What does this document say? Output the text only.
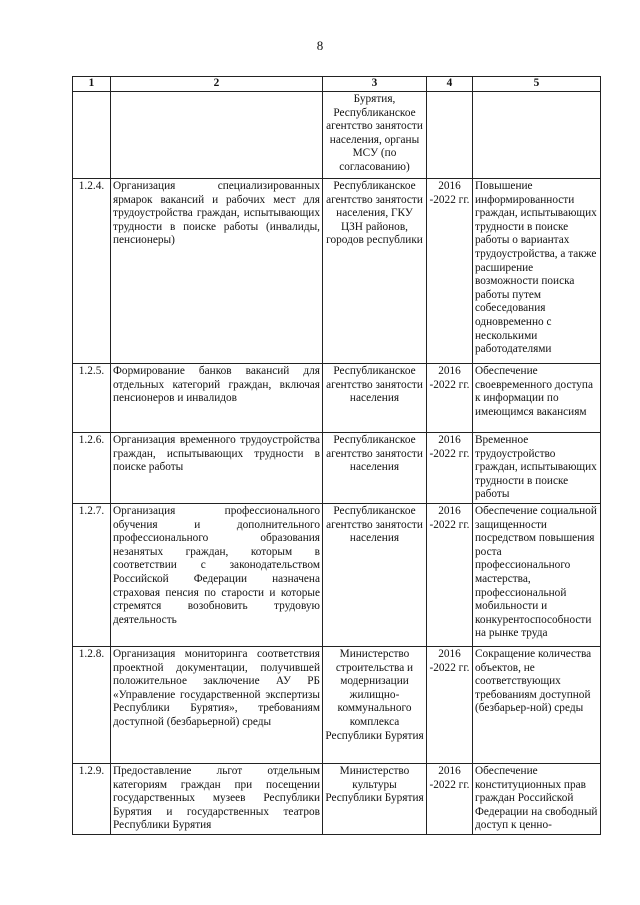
8
1	2	3	4	5
		Бурятия, Республиканское агентство занятости населения, органы МСУ (по согласованию)		
1.2.4.	Организация специализированных ярмарок вакансий и рабочих мест для трудоустройства граждан, испытывающих трудности в поиске работы (инвалиды, пенсионеры)	Республиканское агентство занятости населения, ГКУ ЦЗН районов, городов республики	2016 -2022 гг.	Повышение информированности граждан, испытывающих трудности в поиске работы о вариантах трудоустройства, а также расширение возможности поиска работы путем собеседования одновременно с несколькими работодателями
1.2.5.	Формирование банков вакансий для отдельных категорий граждан, включая пенсионеров и инвалидов	Республиканское агентство занятости населения	2016 -2022 гг.	Обеспечение своевременного доступа к информации по имеющимся вакансиям
1.2.6.	Организация временного трудоустройства граждан, испытывающих трудности в поиске работы	Республиканское агентство занятости населения	2016 -2022 гг.	Временное трудоустройство граждан, испытывающих трудности в поиске работы
1.2.7.	Организация профессионального обучения и дополнительного профессионального образования незанятых граждан, которым в соответствии с законодательством Российской Федерации назначена страховая пенсия по старости и которые стремятся возобновить трудовую деятельность	Республиканское агентство занятости населения	2016 -2022 гг.	Обеспечение социальной защищенности посредством повышения роста профессионального мастерства, профессиональной мобильности и конкурентоспособности на рынке труда
1.2.8.	Организация мониторинга соответствия проектной документации, получившей положительное заключение АУ РБ «Управление государственной экспертизы Республики Бурятия», требованиям доступной (безбарьерной) среды	Министерство строительства и модернизации жилищно-коммунального комплекса Республики Бурятия	2016 -2022 гг.	Сокращение количества объектов, не соответствующих требованиям доступной (безбарьер-ной) среды
1.2.9.	Предоставление льгот отдельным категориям граждан при посещении государственных музеев Республики Бурятия и государственных театров Республики Бурятия	Министерство культуры Республики Бурятия	2016 -2022 гг.	Обеспечение конституционных прав граждан Российской Федерации на свободный доступ к ценно-
